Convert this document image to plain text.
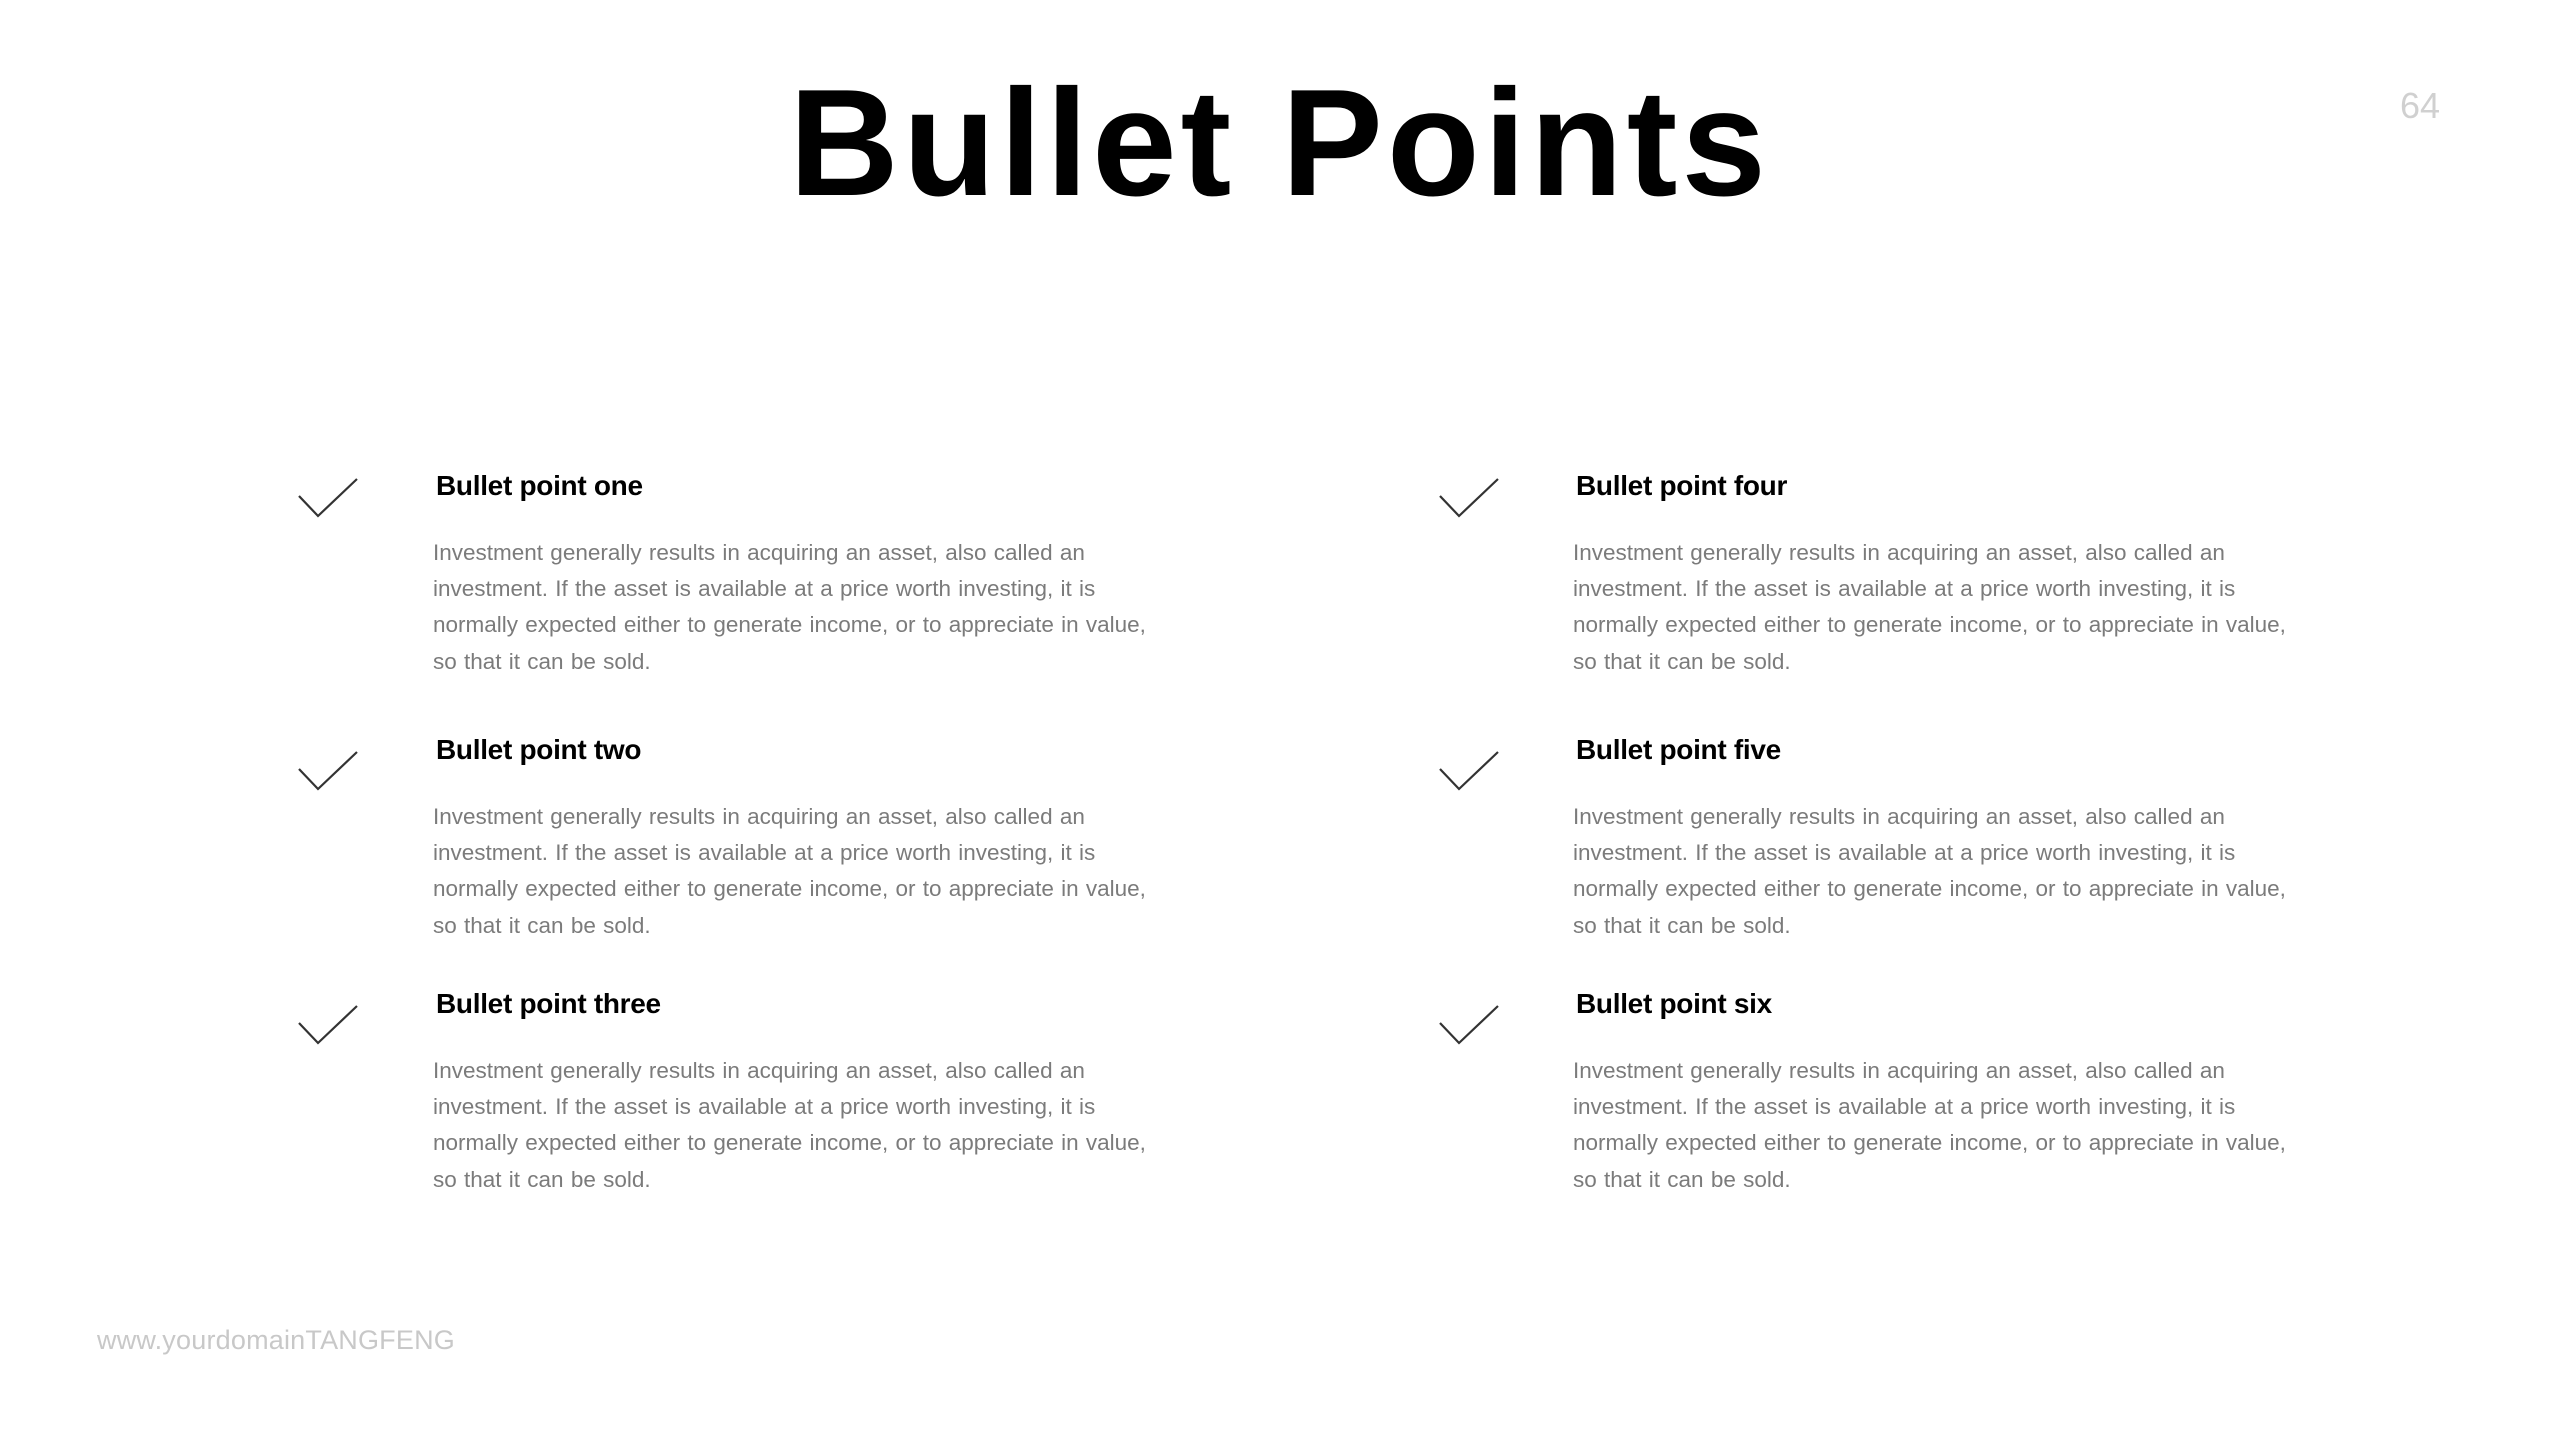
Bullet Points	64
Bullet point one
Investment generally results in acquiring an asset, also called an investment. If the asset is available at a price worth investing, it is normally expected either to generate income, or to appreciate in value, so that it can be sold.
Bullet point two
Investment generally results in acquiring an asset, also called an investment. If the asset is available at a price worth investing, it is normally expected either to generate income, or to appreciate in value, so that it can be sold.
Bullet point three
Investment generally results in acquiring an asset, also called an investment. If the asset is available at a price worth investing, it is normally expected either to generate income, or to appreciate in value, so that it can be sold.
Bullet point four
Investment generally results in acquiring an asset, also called an investment. If the asset is available at a price worth investing, it is normally expected either to generate income, or to appreciate in value, so that it can be sold.
Bullet point five
Investment generally results in acquiring an asset, also called an investment. If the asset is available at a price worth investing, it is normally expected either to generate income, or to appreciate in value, so that it can be sold.
Bullet point six
Investment generally results in acquiring an asset, also called an investment. If the asset is available at a price worth investing, it is normally expected either to generate income, or to appreciate in value, so that it can be sold.
www.yourdomainTANGFENG
